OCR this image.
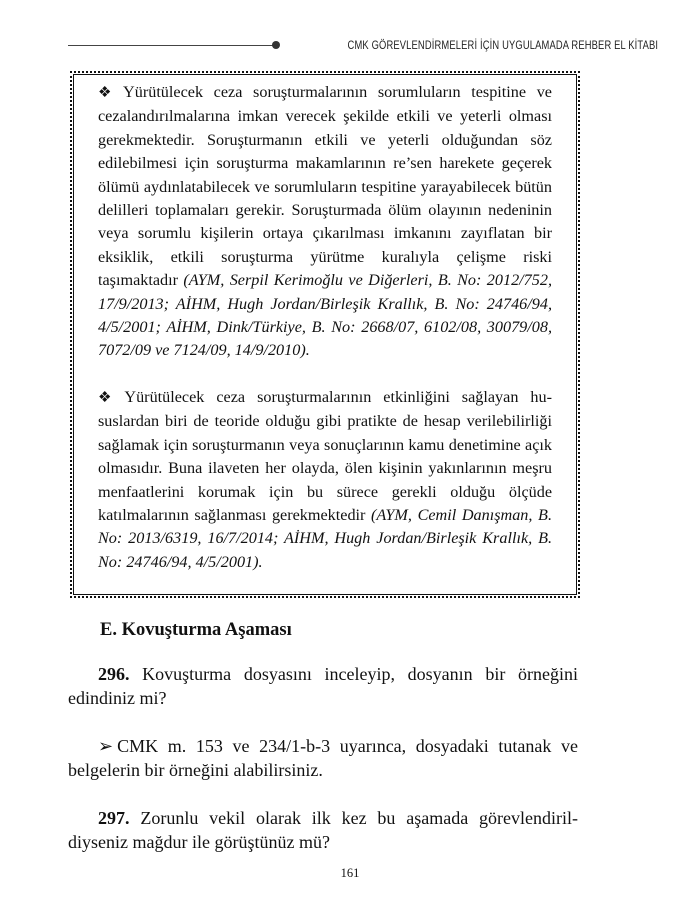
CMK GÖREVLENDİRMELERİ İÇİN UYGULAMADA REHBER EL KİTABI

❖ Yürütülecek ceza soruşturmalarının sorumluların tespitine ve cezalandırılmalarına imkan verecek şekilde etkili ve yeterli olması gerekmektedir. Soruşturmanın etkili ve yeterli olduğundan söz edilebilmesi için soruşturma makamlarının re’sen harekete geçerek ölümü aydınlatabilecek ve sorumluların tespitine yarayabilecek bütün delilleri toplamaları gerekir. Soruşturmada ölüm olayının nedeninin veya sorumlu kişilerin ortaya çıkarılması imkanını zayıflatan bir eksiklik, etkili soruşturma yürütme kuralıyla çelişme riski taşımaktadır (AYM, Serpil Kerimoğlu ve Diğerleri, B. No: 2012/752, 17/9/2013; AİHM, Hugh Jordan/Birleşik Krallık, B. No: 24746/94, 4/5/2001; AİHM, Dink/Türkiye, B. No: 2668/07, 6102/08, 30079/08, 7072/09 ve 7124/09, 14/9/2010).

❖ Yürütülecek ceza soruşturmalarının etkinliğini sağlayan hususlardan biri de teoride olduğu gibi pratikte de hesap verilebilirliği sağlamak için soruşturmanın veya sonuçlarının kamu denetimine açık olmasıdır. Buna ilaveten her olayda, ölen kişinin yakınlarının meşru menfaatlerini korumak için bu sürece gerekli olduğu ölçüde katılmalarının sağlanması gerekmektedir (AYM, Cemil Danışman, B. No: 2013/6319, 16/7/2014; AİHM, Hugh Jordan/Birleşik Krallık, B. No: 24746/94, 4/5/2001).

E. Kovuşturma Aşaması

296. Kovuşturma dosyasını inceleyip, dosyanın bir örneğini edindiniz mi?

➢ CMK m. 153 ve 234/1-b-3 uyarınca, dosyadaki tutanak ve belgelerin bir örneğini alabilirsiniz.

297. Zorunlu vekil olarak ilk kez bu aşamada görevlendirildiyseniz mağdur ile görüştünüz mü?

161
